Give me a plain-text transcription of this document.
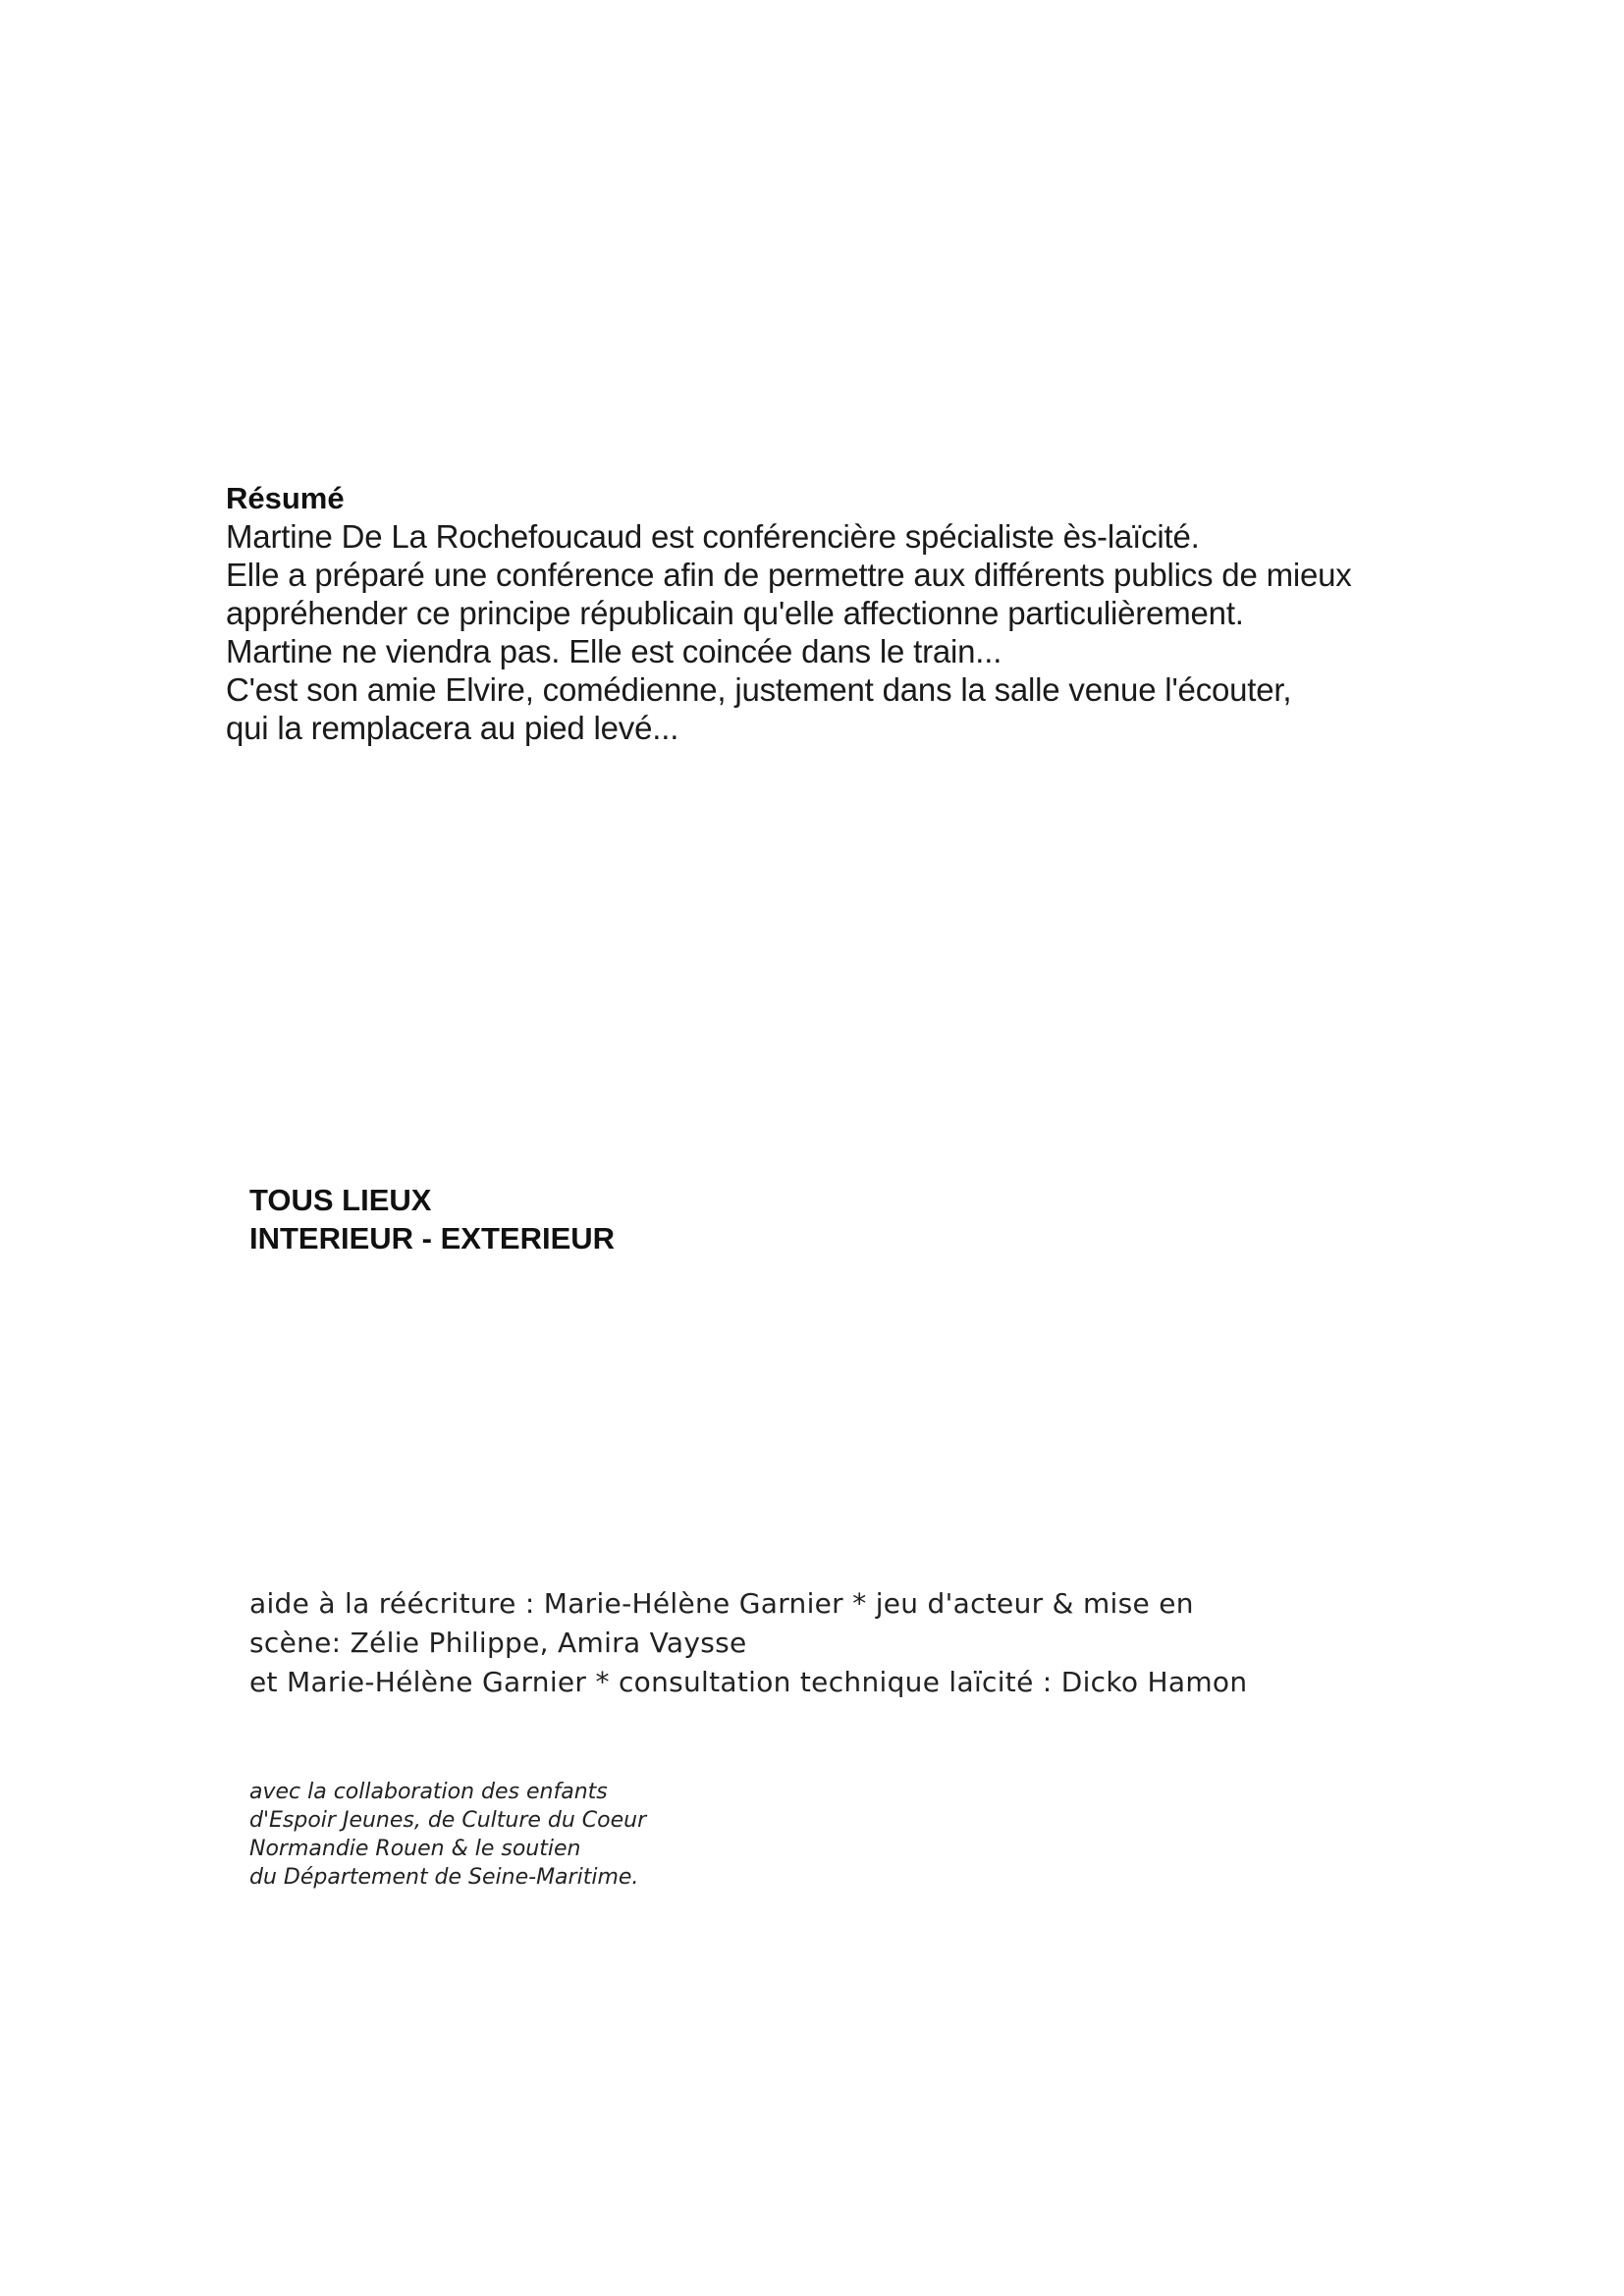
Résumé

Martine De La Rochefoucaud est conférencière spécialiste ès-laïcité.

Elle a préparé une conférence afin de permettre aux différents publics de mieux

appréhender ce principe républicain qu'elle affectionne particulièrement.

Martine ne viendra pas. Elle est coincée dans le train...

C'est son amie Elvire, comédienne, justement dans la salle venue l'écouter,

qui la remplacera au pied levé...

TOUS LIEUX

INTERIEUR - EXTERIEUR

aide à la réécriture : Marie-Hélène Garnier * jeu d'acteur & mise en

scène: Zélie Philippe, Amira Vaysse

et Marie-Hélène Garnier * consultation technique laïcité : Dicko Hamon

avec la collaboration des enfants

d'Espoir Jeunes, de Culture du Coeur

Normandie Rouen & le soutien

du Département de Seine-Maritime.
